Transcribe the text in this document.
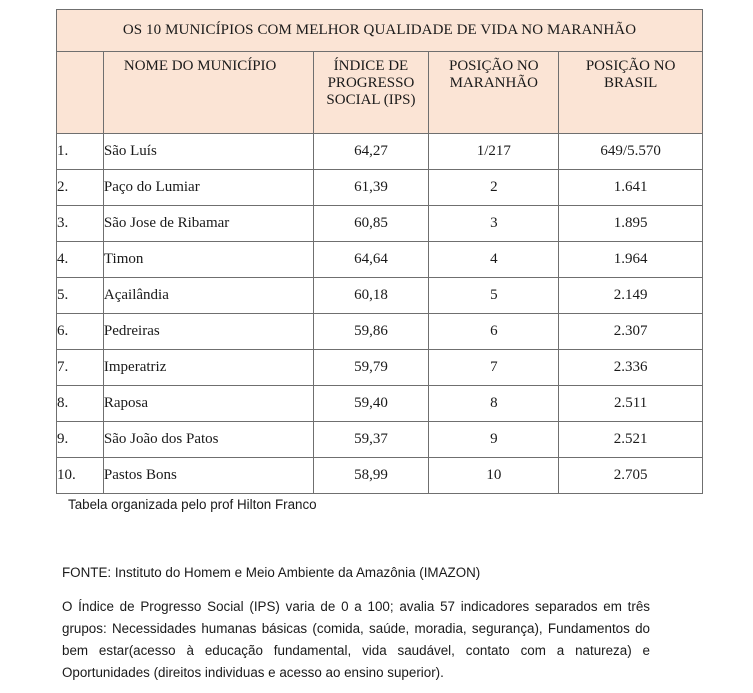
OS 10 MUNICÍPIOS COM MELHOR QUALIDADE DE VIDA NO MARANHÃO				
	NOME DO MUNICÍPIO	ÍNDICE DE PROGRESSO SOCIAL (IPS)	POSIÇÃO NO MARANHÃO	POSIÇÃO NO BRASIL
1.	São Luís	64,27	1/217	649/5.570
2.	Paço do Lumiar	61,39	2	1.641
3.	São Jose de Ribamar	60,85	3	1.895
4.	Timon	64,64	4	1.964
5.	Açailândia	60,18	5	2.149
6.	Pedreiras	59,86	6	2.307
7.	Imperatriz	59,79	7	2.336
8.	Raposa	59,40	8	2.511
9.	São João dos Patos	59,37	9	2.521
10.	Pastos Bons	58,99	10	2.705
Tabela organizada pelo prof Hilton Franco
FONTE: Instituto do Homem e Meio Ambiente da Amazônia (IMAZON)
O Índice de Progresso Social (IPS) varia de 0 a 100; avalia 57 indicadores separados em três grupos: Necessidades humanas básicas (comida, saúde, moradia, segurança), Fundamentos do bem estar(acesso à educação fundamental, vida saudável, contato com a natureza) e Oportunidades (direitos individuas e acesso ao ensino superior).
